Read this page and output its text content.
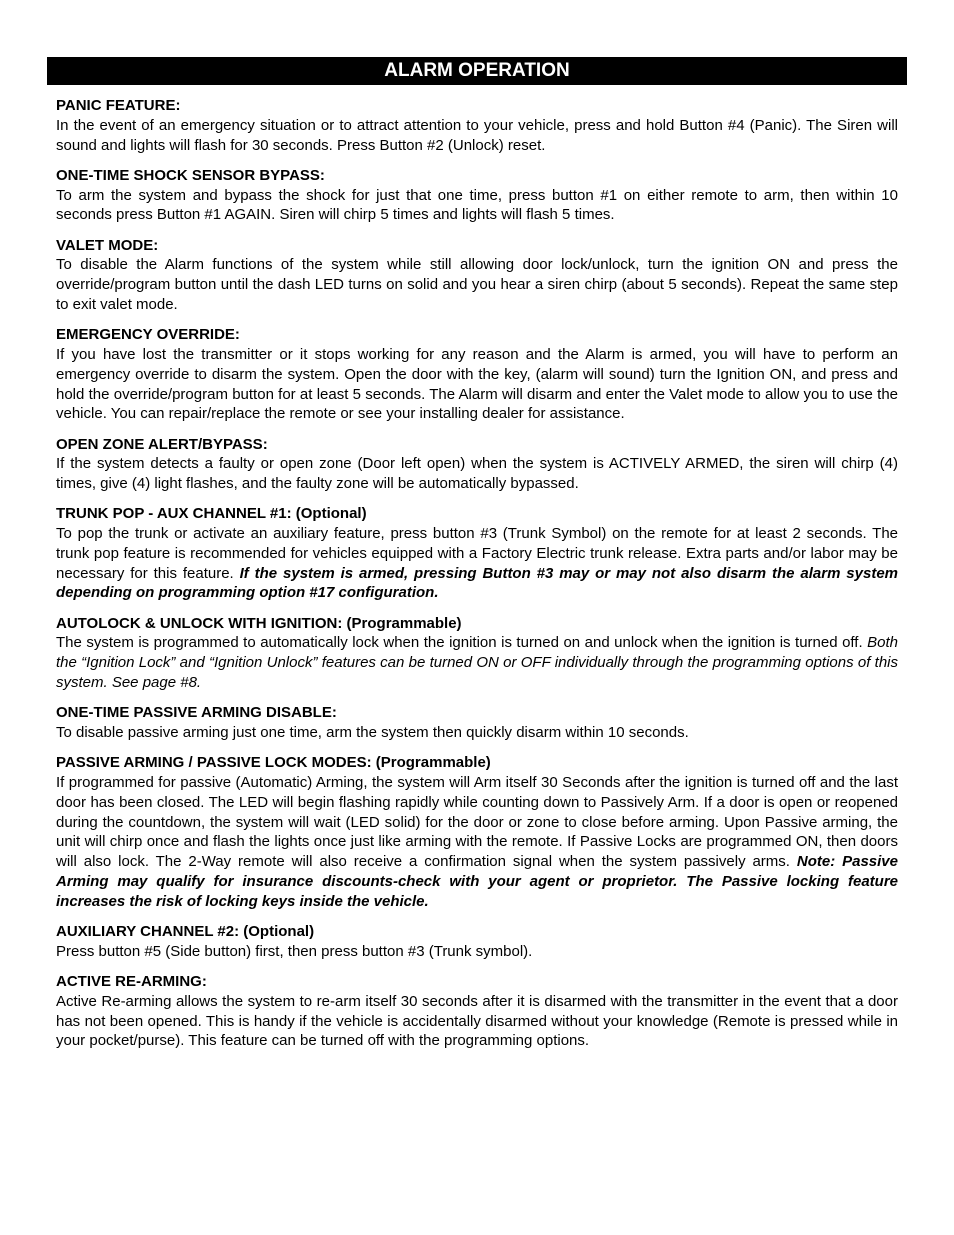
ALARM OPERATION
PANIC FEATURE:
In the event of an emergency situation or to attract attention to your vehicle, press and hold Button #4 (Panic). The Siren will sound and lights will flash for 30 seconds. Press Button #2 (Unlock) reset.
ONE-TIME SHOCK SENSOR BYPASS:
To arm the system and bypass the shock for just that one time, press button #1 on either remote to arm, then within 10 seconds press Button #1 AGAIN. Siren will chirp 5 times and lights will flash 5 times.
VALET MODE:
To disable the Alarm functions of the system while still allowing door lock/unlock, turn the ignition ON and press the override/program button until the dash LED turns on solid and you hear a siren chirp (about 5 seconds). Repeat the same step to exit valet mode.
EMERGENCY OVERRIDE:
If you have lost the transmitter or it stops working for any reason and the Alarm is armed, you will have to perform an emergency override to disarm the system. Open the door with the key, (alarm will sound) turn the Ignition ON, and press and hold the override/program button for at least 5 seconds. The Alarm will disarm and enter the Valet mode to allow you to use the vehicle. You can repair/replace the remote or see your installing dealer for assistance.
OPEN ZONE ALERT/BYPASS:
If the system detects a faulty or open zone (Door left open) when the system is ACTIVELY ARMED, the siren will chirp (4) times, give (4) light flashes, and the faulty zone will be automatically bypassed.
TRUNK POP - AUX CHANNEL #1: (Optional)
To pop the trunk or activate an auxiliary feature, press button #3 (Trunk Symbol) on the remote for at least 2 seconds. The trunk pop feature is recommended for vehicles equipped with a Factory Electric trunk release. Extra parts and/or labor may be necessary for this feature. If the system is armed, pressing Button #3 may or may not also disarm the alarm system depending on programming option #17 configuration.
AUTOLOCK & UNLOCK WITH IGNITION: (Programmable)
The system is programmed to automatically lock when the ignition is turned on and unlock when the ignition is turned off. Both the “Ignition Lock” and “Ignition Unlock” features can be turned ON or OFF individually through the programming options of this system. See page #8.
ONE-TIME PASSIVE ARMING DISABLE:
To disable passive arming just one time, arm the system then quickly disarm within 10 seconds.
PASSIVE ARMING / PASSIVE LOCK MODES: (Programmable)
If programmed for passive (Automatic) Arming, the system will Arm itself 30 Seconds after the ignition is turned off and the last door has been closed. The LED will begin flashing rapidly while counting down to Passively Arm. If a door is open or reopened during the countdown, the system will wait (LED solid) for the door or zone to close before arming. Upon Passive arming, the unit will chirp once and flash the lights once just like arming with the remote. If Passive Locks are programmed ON, then doors will also lock. The 2-Way remote will also receive a confirmation signal when the system passively arms. Note: Passive Arming may qualify for insurance discounts-check with your agent or proprietor. The Passive locking feature increases the risk of locking keys inside the vehicle.
AUXILIARY CHANNEL #2: (Optional)
Press button #5 (Side button) first, then press button #3 (Trunk symbol).
ACTIVE RE-ARMING:
Active Re-arming allows the system to re-arm itself 30 seconds after it is disarmed with the transmitter in the event that a door has not been opened. This is handy if the vehicle is accidentally disarmed without your knowledge (Remote is pressed while in your pocket/purse). This feature can be turned off with the programming options.
